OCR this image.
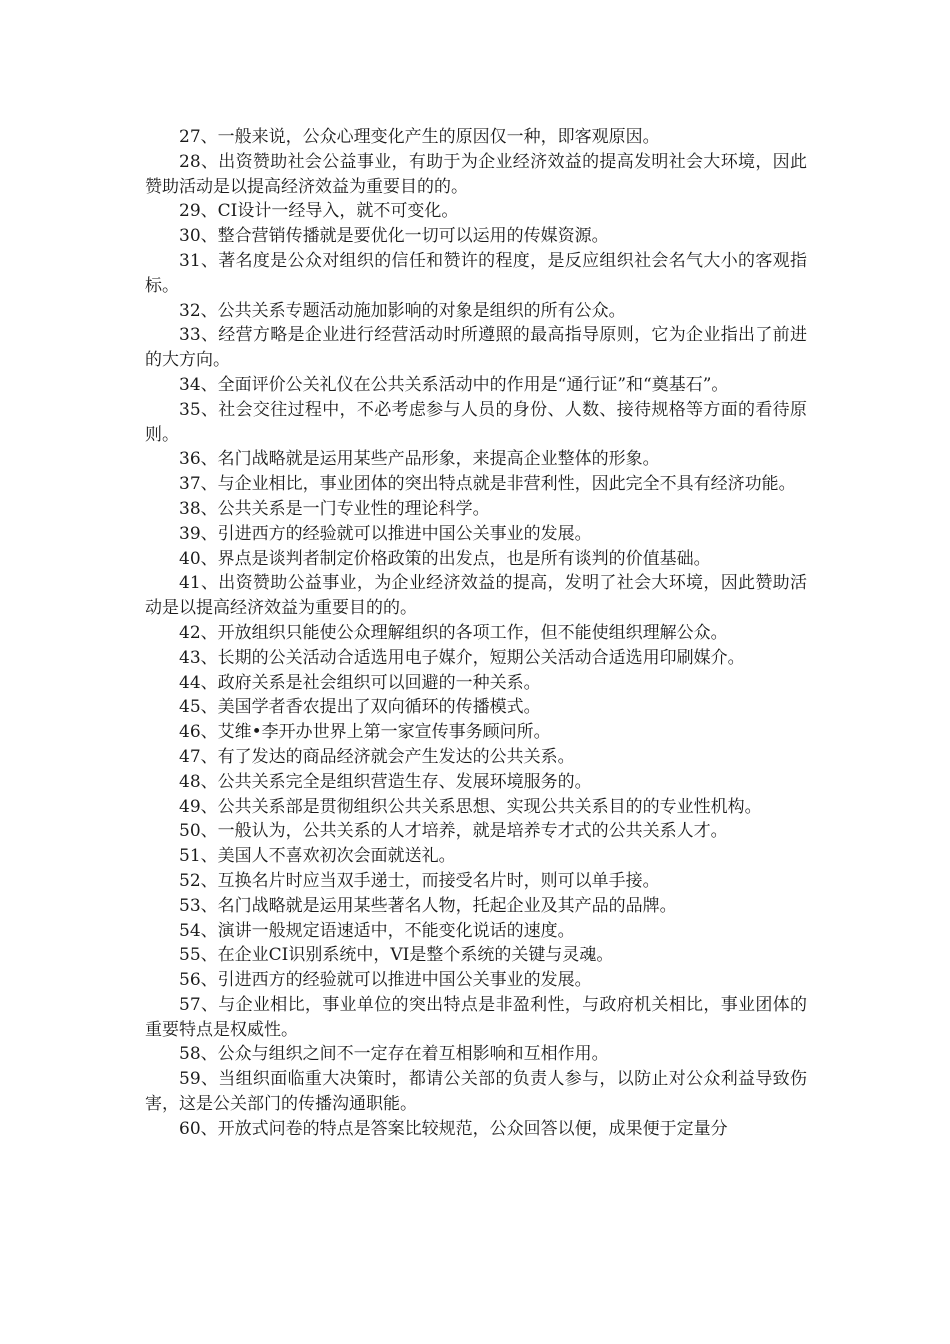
27、一般来说，公众心理变化产生的原因仅一种，即客观原因。

28、出资赞助社会公益事业，有助于为企业经济效益的提高发明社会大环境，因此赞助活动是以提高经济效益为重要目的的。

29、CI设计一经导入，就不可变化。

30、整合营销传播就是要优化一切可以运用的传媒资源。

31、著名度是公众对组织的信任和赞许的程度，是反应组织社会名气大小的客观指标。

32、公共关系专题活动施加影响的对象是组织的所有公众。

33、经营方略是企业进行经营活动时所遵照的最高指导原则，它为企业指出了前进的大方向。

34、全面评价公关礼仪在公共关系活动中的作用是“通行证”和“奠基石”。

35、社会交往过程中，不必考虑参与人员的身份、人数、接待规格等方面的看待原则。

36、名门战略就是运用某些产品形象，来提高企业整体的形象。

37、与企业相比，事业团体的突出特点就是非营利性，因此完全不具有经济功能。

38、公共关系是一门专业性的理论科学。

39、引进西方的经验就可以推进中国公关事业的发展。

40、界点是谈判者制定价格政策的出发点，也是所有谈判的价值基础。

41、出资赞助公益事业，为企业经济效益的提高，发明了社会大环境，因此赞助活动是以提高经济效益为重要目的的。

42、开放组织只能使公众理解组织的各项工作，但不能使组织理解公众。

43、长期的公关活动合适选用电子媒介，短期公关活动合适选用印刷媒介。

44、政府关系是社会组织可以回避的一种关系。

45、美国学者香农提出了双向循环的传播模式。

46、艾维•李开办世界上第一家宣传事务顾问所。

47、有了发达的商品经济就会产生发达的公共关系。

48、公共关系完全是组织营造生存、发展环境服务的。

49、公共关系部是贯彻组织公共关系思想、实现公共关系目的的专业性机构。

50、一般认为，公共关系的人才培养，就是培养专才式的公共关系人才。

51、美国人不喜欢初次会面就送礼。

52、互换名片时应当双手递士，而接受名片时，则可以单手接。

53、名门战略就是运用某些著名人物，托起企业及其产品的品牌。

54、演讲一般规定语速适中，不能变化说话的速度。

55、在企业CI识别系统中，VI是整个系统的关键与灵魂。

56、引进西方的经验就可以推进中国公关事业的发展。

57、与企业相比，事业单位的突出特点是非盈利性，与政府机关相比，事业团体的重要特点是权威性。

58、公众与组织之间不一定存在着互相影响和互相作用。

59、当组织面临重大决策时，都请公关部的负责人参与，以防止对公众利益导致伤害，这是公关部门的传播沟通职能。

60、开放式问卷的特点是答案比较规范，公众回答以便，成果便于定量分
